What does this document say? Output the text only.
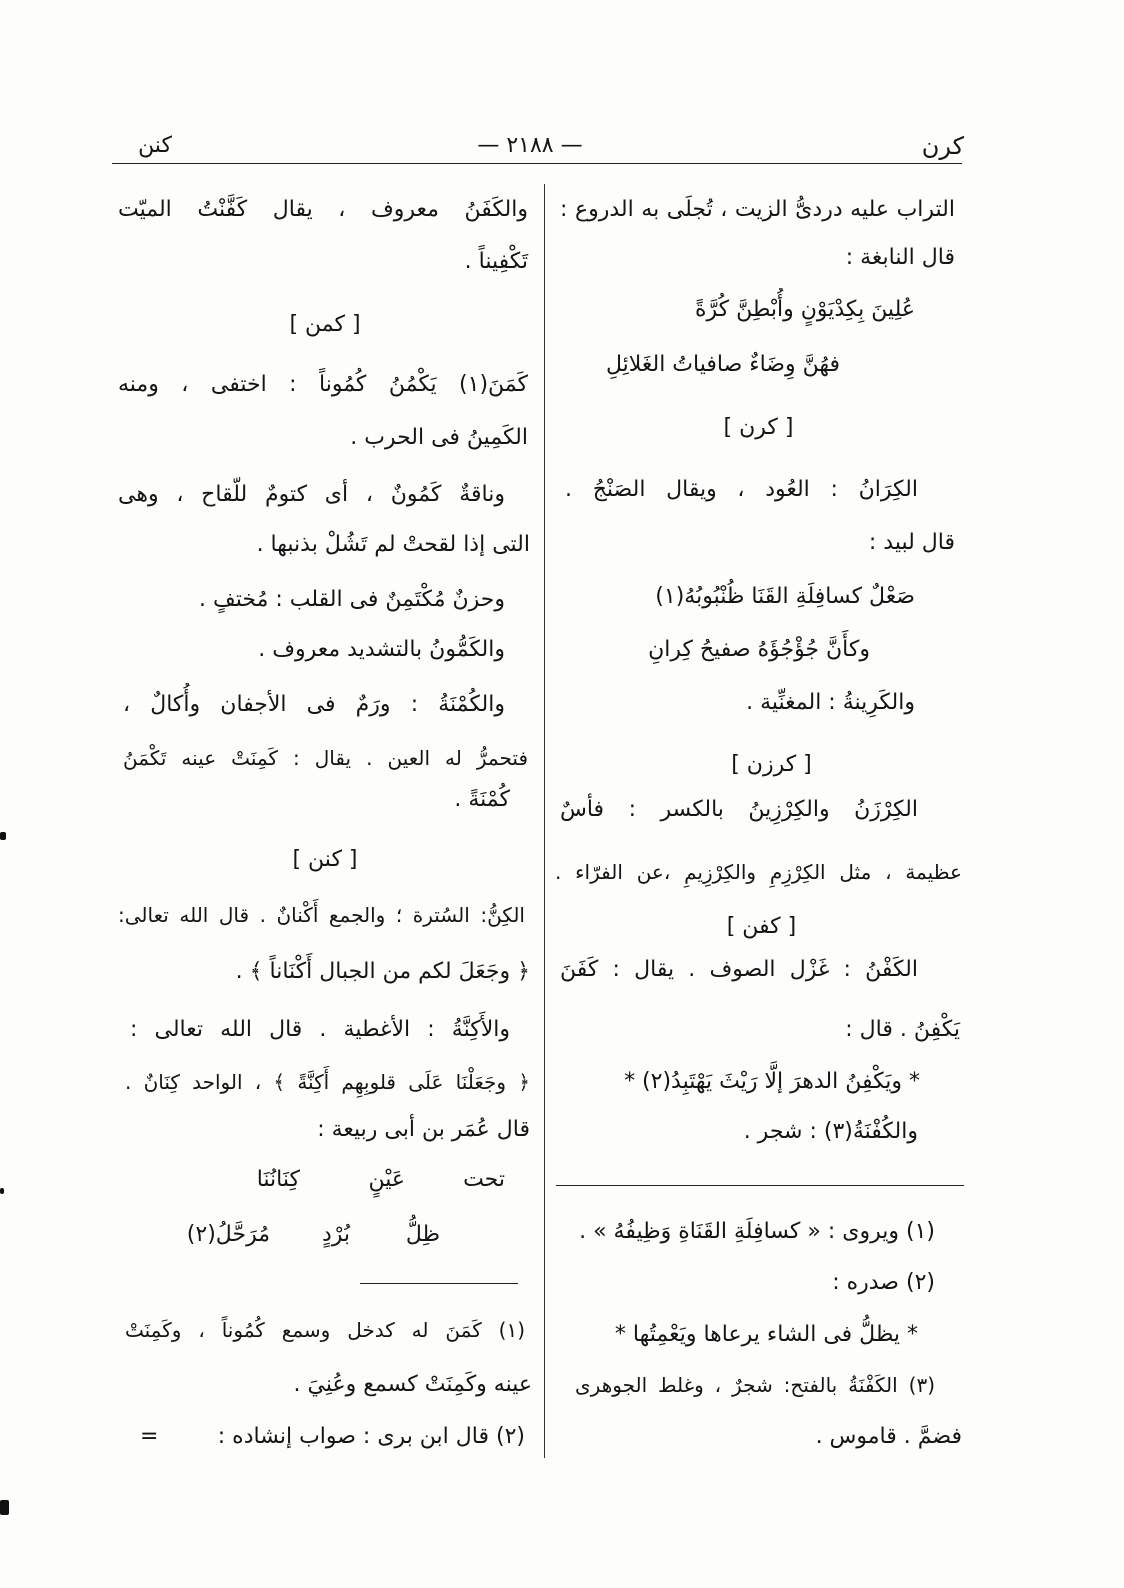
كرن
— ٢١٨٨ —
كنن
التراب عليه دردىُّ الزيت ، تُجلَى به الدروع :
قال النابغة :
عُلِينَ بِكِدْيَوْنٍ وأُبْطِنَّ كُرَّةً
فهُنَّ وِضَاءٌ صافياتُ الغَلائِلِ
[ كرن ]
الكِرَانُ : العُود ، ويقال الصَنْجُ .
قال لبيد :
صَعْلٌ كسافِلَةِ القَنَا ظُنْبُوبُهُ(١)
وكأَنَّ جُؤْجُؤَهُ صفيحُ كِرانِ
والكَرِينةُ : المغنِّية .
[ كرزن ]
الكِرْزَنُ والكِرْزِينُ بالكسر : فأسٌ
عظيمة ، مثل الكِرْزِمِ والكِرْزِيمِ ،عن الفرّاء .
[ كفن ]
الكَفْنُ : غَزْل الصوف . يقال : كَفَنَ
يَكْفِنُ . قال :
* ويَكْفِنُ الدهرَ إلَّا رَيْثَ يَهْتَبِدُ(٢) *
والكُفْنَةُ(٣) : شجر .
(١) ويروى : « كسافِلَةِ القَنَاةِ وَظِيفُهُ » .
(٢) صدره :
* يظلُّ فى الشاء يرعاها ويَعْمِتُها *
(٣) الكَفْنَةُ بالفتح: شجرٌ ، وغلط الجوهرى
فضمَّ . قاموس .
والكَفَنُ معروف ، يقال كَفَّنْتُ الميّت
تَكْفِيناً .
[ كمن ]
كَمَنَ(١) يَكْمُنُ كُمُوناً : اختفى ، ومنه
الكَمِينُ فى الحرب .
وناقةٌ كَمُونٌ ، أى كتومٌ للّقاح ، وهى
التى إذا لقحتْ لم تَشُلْ بذنبها .
وحزنٌ مُكْتَمِنٌ فى القلب : مُختفٍ .
والكَمُّونُ بالتشديد معروف .
والكُمْنَةُ : ورَمٌ فى الأجفان وأُكالٌ ،
فتحمرُّ له العين . يقال : كَمِنَتْ عينه تَكْمَنُ
كُمْنَةً .
[ كنن ]
الكِنُّ: السُترة ؛ والجمع أَكْنانٌ . قال الله تعالى:
﴿ وجَعَلَ لكم من الجبال أَكْنَاناً ﴾ .
والأَكِنَّةُ : الأغطية . قال الله تعالى :
﴿ وجَعَلْنَا عَلَى قلوبِهِم أَكِنَّةً ﴾ ، الواحد كِنَانٌ .
قال عُمَر بن أبى ربيعة :
تحت
عَيْنٍ
كِنَانُنَا
ظِلُّ
بُرْدٍ
مُرَحَّلُ(٢)
(١) كَمَنَ له كدخل وسمع كُمُوناً ، وكَمِنَتْ
عينه وكَمِنَتْ كسمع وعُنِيَ .
(٢) قال ابن برى : صواب إنشاده :
=
